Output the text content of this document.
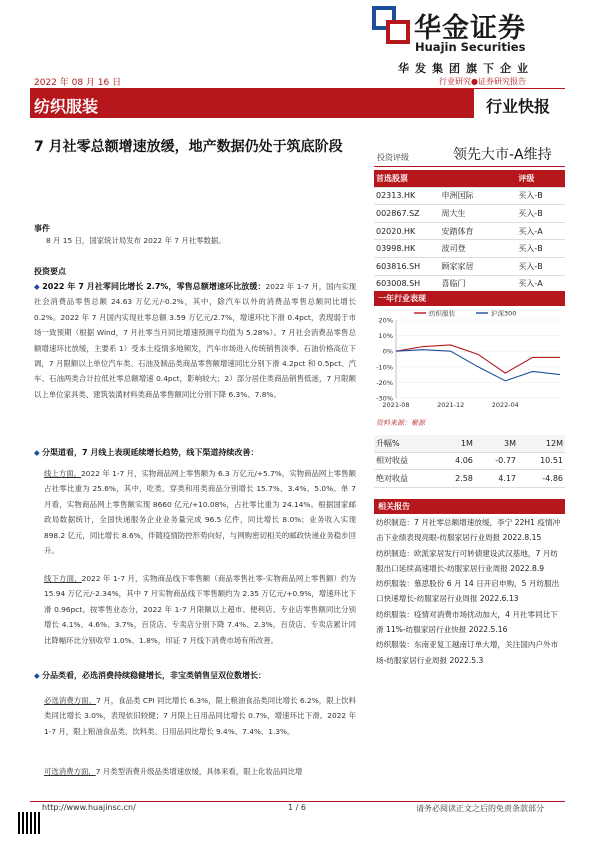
华金证券
Huajin Securities
华发集团旗下企业
2022 年 08 月 16 日	行业研究●证券研究报告
纺织服装	行业快报
7 月社零总额增速放缓，地产数据仍处于筑底阶段
事件
8 月 15 日，国家统计局发布 2022 年 7 月社零数据。
投资要点
◆ 2022 年 7 月社零同比增长 2.7%，零售总额增速环比放缓：2022 年 1-7 月，国内实现社会消费品零售总额 24.63 万亿元/-0.2%，其中，除汽车以外的消费品零售总额同比增长 0.2%。2022 年 7 月国内实现社零总额 3.59 万亿元/2.7%，增速环比下滑 0.4pct，表现弱于市场一致预期（根据 Wind，7 月社零当月同比增速预测平均值为 5.28%）。7 月社会消费品零售总额增速环比放缓，主要系 1）受本土疫情多地频发，汽车市场进入传统销售淡季、石油价格高位下调，7 月限额以上单位汽车类、石油及制品类商品零售额增速同比分别下滑 4.2pct 和 0.5pct、汽车、石油两类合计拉低社零总额增速 0.4pct，影响较大；2）部分居住类商品销售低迷，7 月限额以上单位家具类、建筑装潢材料类商品零售额同比分别下降 6.3%、7.8%。
◆ 分渠道看，7 月线上表现延续增长趋势，线下渠道持续改善：
线上方面，2022 年 1-7 月，实物商品网上零售额为 6.3 万亿元/+5.7%，实物商品网上零售额占社零比重为 25.6%，其中，吃类、穿类和用类商品分别增长 15.7%、3.4%、5.0%。单 7 月看，实物商品网上零售额实现 8660 亿元/+10.08%，占社零比重为 24.14%。根据国家邮政局数据统计，全国快递服务企业业务量完成 96.5 亿件，同比增长 8.0%；业务收入实现 898.2 亿元，同比增长 8.6%，伴随疫情防控形势向好，与网购密切相关的邮政快递业务稳步回升。
线下方面，2022 年 1-7 月，实物商品线下零售额（商品零售社零-实物商品网上零售额）约为 15.94 万亿元/-2.34%，其中 7 月实物商品线下零售额约为 2.35 万亿元/+0.9%，增速环比下滑 0.96pct。按零售业态分，2022 年 1-7 月限额以上超市、便利店、专业店零售额同比分别增长 4.1%、4.6%、3.7%，百货店、专卖店分别下降 7.4%、2.3%，百货店、专卖店累计同比降幅环比分别收窄 1.0%、1.8%，印证 7 月线下消费市场有所改善。
◆ 分品类看，必选消费持续稳健增长，非宝类销售呈双位数增长：
必选消费方面，7 月，食品类 CPI 同比增长 6.3%，限上粮油食品类同比增长 6.2%，限上饮料类同比增长 3.0%，表现依旧较健；7 月限上日用品同比增长 0.7%，增速环比下滑。2022 年 1-7 月，限上粮油食品类、饮料类、日用品同比增长 9.4%、7.4%、1.3%。
可选消费方面，7 月类型消费升级品类增速放缓，具体来看，限上化妆品同比增
投资评级	领先大市-A维持
首选股票		评级
02313.HK	申洲国际	买入-B
002867.SZ	周大生	买入-B
02020.HK	安踏体育	买入-A
03998.HK	波司登	买入-B
603816.SH	顾家家居	买入-B
603008.SH	喜临门	买入-A
一年行业表现
纺织服装	沪深300
20%
10%
0%
-10%
-20%
-30%
2021-08	2021-12	2022-04
资料来源：聚源
升幅%	1M	3M	12M
相对收益	4.06	-0.77	10.51
绝对收益	2.58	4.17	-4.86
相关报告
纺织制造：7 月社零总额增速放缓，李宁 22H1 疫情冲击下业绩表现亮眼-纺服家居行业周报 2022.8.15
纺织制造：欧派家居发行可转债建设武汉基地，7 月纺服出口延续高速增长-纺服家居行业周报 2022.8.9
纺织服装：慕思股份 6 月 14 日开启申购，5 月纺服出口快速增长-纺服家居行业周报 2022.6.13
纺织服装：疫情对消费市场扰动加大，4 月社零同比下滑 11%-纺服家居行业快报 2022.5.16
纺织服装：东南亚复工越南订单大增，关注国内户外市场-纺服家居行业周报 2022.5.3
http://www.huajinsc.cn/	1 / 6	请务必阅读正文之后的免责条款部分
